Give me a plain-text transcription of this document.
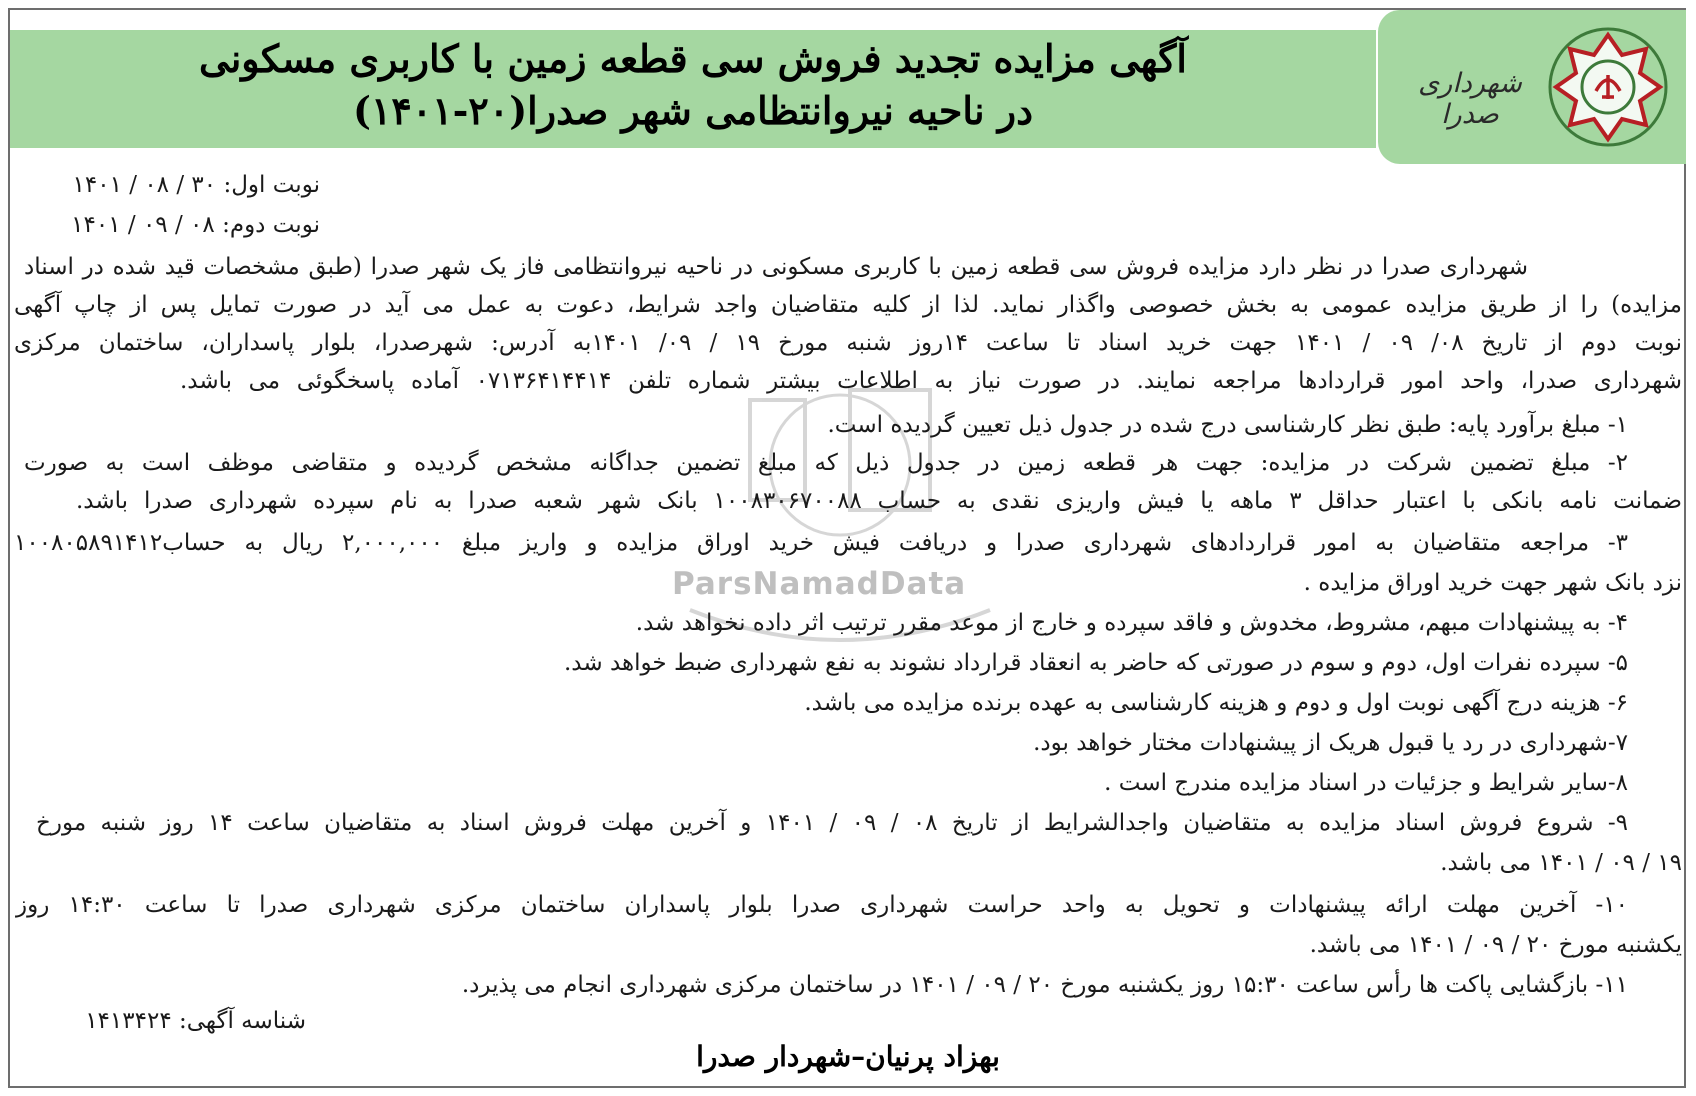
آگهی مزایده تجدید فروش سی قطعه زمین با کاربری مسکونی
در ناحیه نیروانتظامی شهر صدرا(۲۰-۱۴۰۱)
شهرداری صدرا
ParsNamadData
نوبت اول: ۳۰ / ۰۸ / ۱۴۰۱
نوبت دوم: ۰۸ / ۰۹ / ۱۴۰۱
شهرداری صدرا در نظر دارد مزایده فروش سی قطعه زمین با کاربری مسکونی در ناحیه نیروانتظامی فاز یک شهر صدرا (طبق مشخصات قید شده در اسناد
مزایده) را از طریق مزایده عمومی به بخش خصوصی واگذار نماید. لذا از کلیه متقاضیان واجد شرایط، دعوت به عمل می آید در صورت تمایل پس از چاپ آگهی
نوبت دوم از تاریخ ۰۸/ ۰۹ / ۱۴۰۱ جهت خرید اسناد تا ساعت ۱۴روز شنبه مورخ ۱۹ / ۰۹/ ۱۴۰۱به آدرس: شهرصدرا، بلوار پاسداران، ساختمان مرکزی
شهرداری صدرا، واحد امور قراردادها مراجعه نمایند. در صورت نیاز به اطلاعات بیشتر شماره تلفن ۰۷۱۳۶۴۱۴۴۱۴ آماده پاسخگوئی می باشد.
۱- مبلغ برآورد پایه: طبق نظر کارشناسی درج شده در جدول ذیل تعیین گردیده است.
۲- مبلغ تضمین شرکت در مزایده: جهت هر قطعه زمین در جدول ذیل که مبلغ تضمین جداگانه مشخص گردیده و متقاضی موظف است به صورت
ضمانت نامه بانکی با اعتبار حداقل ۳ ماهه یا فیش واریزی نقدی به حساب ۱۰۰۸۳۰۶۷۰۰۸۸ بانک شهر شعبه صدرا به نام سپرده شهرداری صدرا باشد.
۳- مراجعه متقاضیان به امور قراردادهای شهرداری صدرا و دریافت فیش خرید اوراق مزایده و واریز مبلغ ۲,۰۰۰,۰۰۰ ریال به حساب۱۰۰۸۰۵۸۹۱۴۱۲
نزد بانک شهر جهت خرید اوراق مزایده .
۴- به پیشنهادات مبهم، مشروط، مخدوش و فاقد سپرده و خارج از موعد مقرر ترتیب اثر داده نخواهد شد.
۵- سپرده نفرات اول، دوم و سوم در صورتی که حاضر به انعقاد قرارداد نشوند به نفع شهرداری ضبط خواهد شد.
۶- هزینه درج آگهی نوبت اول و دوم و هزینه کارشناسی به عهده برنده مزایده می باشد.
۷-شهرداری در رد یا قبول هریک از پیشنهادات مختار خواهد بود.
۸-سایر شرایط و جزئیات در اسناد مزایده مندرج است .
۹- شروع فروش اسناد مزایده به متقاضیان واجدالشرایط از تاریخ ۰۸ / ۰۹ / ۱۴۰۱ و آخرین مهلت فروش اسناد به متقاضیان ساعت ۱۴ روز شنبه مورخ
۱۹ / ۰۹ / ۱۴۰۱ می باشد.
۱۰- آخرین مهلت ارائه پیشنهادات و تحویل به واحد حراست شهرداری صدرا بلوار پاسداران ساختمان مرکزی شهرداری صدرا تا ساعت ۱۴:۳۰ روز
یکشنبه مورخ ۲۰ / ۰۹ / ۱۴۰۱ می باشد.
۱۱- بازگشایی پاکت ها رأس ساعت ۱۵:۳۰ روز یکشنبه مورخ ۲۰ / ۰۹ / ۱۴۰۱ در ساختمان مرکزی شهرداری انجام می پذیرد.
شناسه آگهی: ۱۴۱۳۴۲۴
بهزاد پرنیان–شهردار صدرا
